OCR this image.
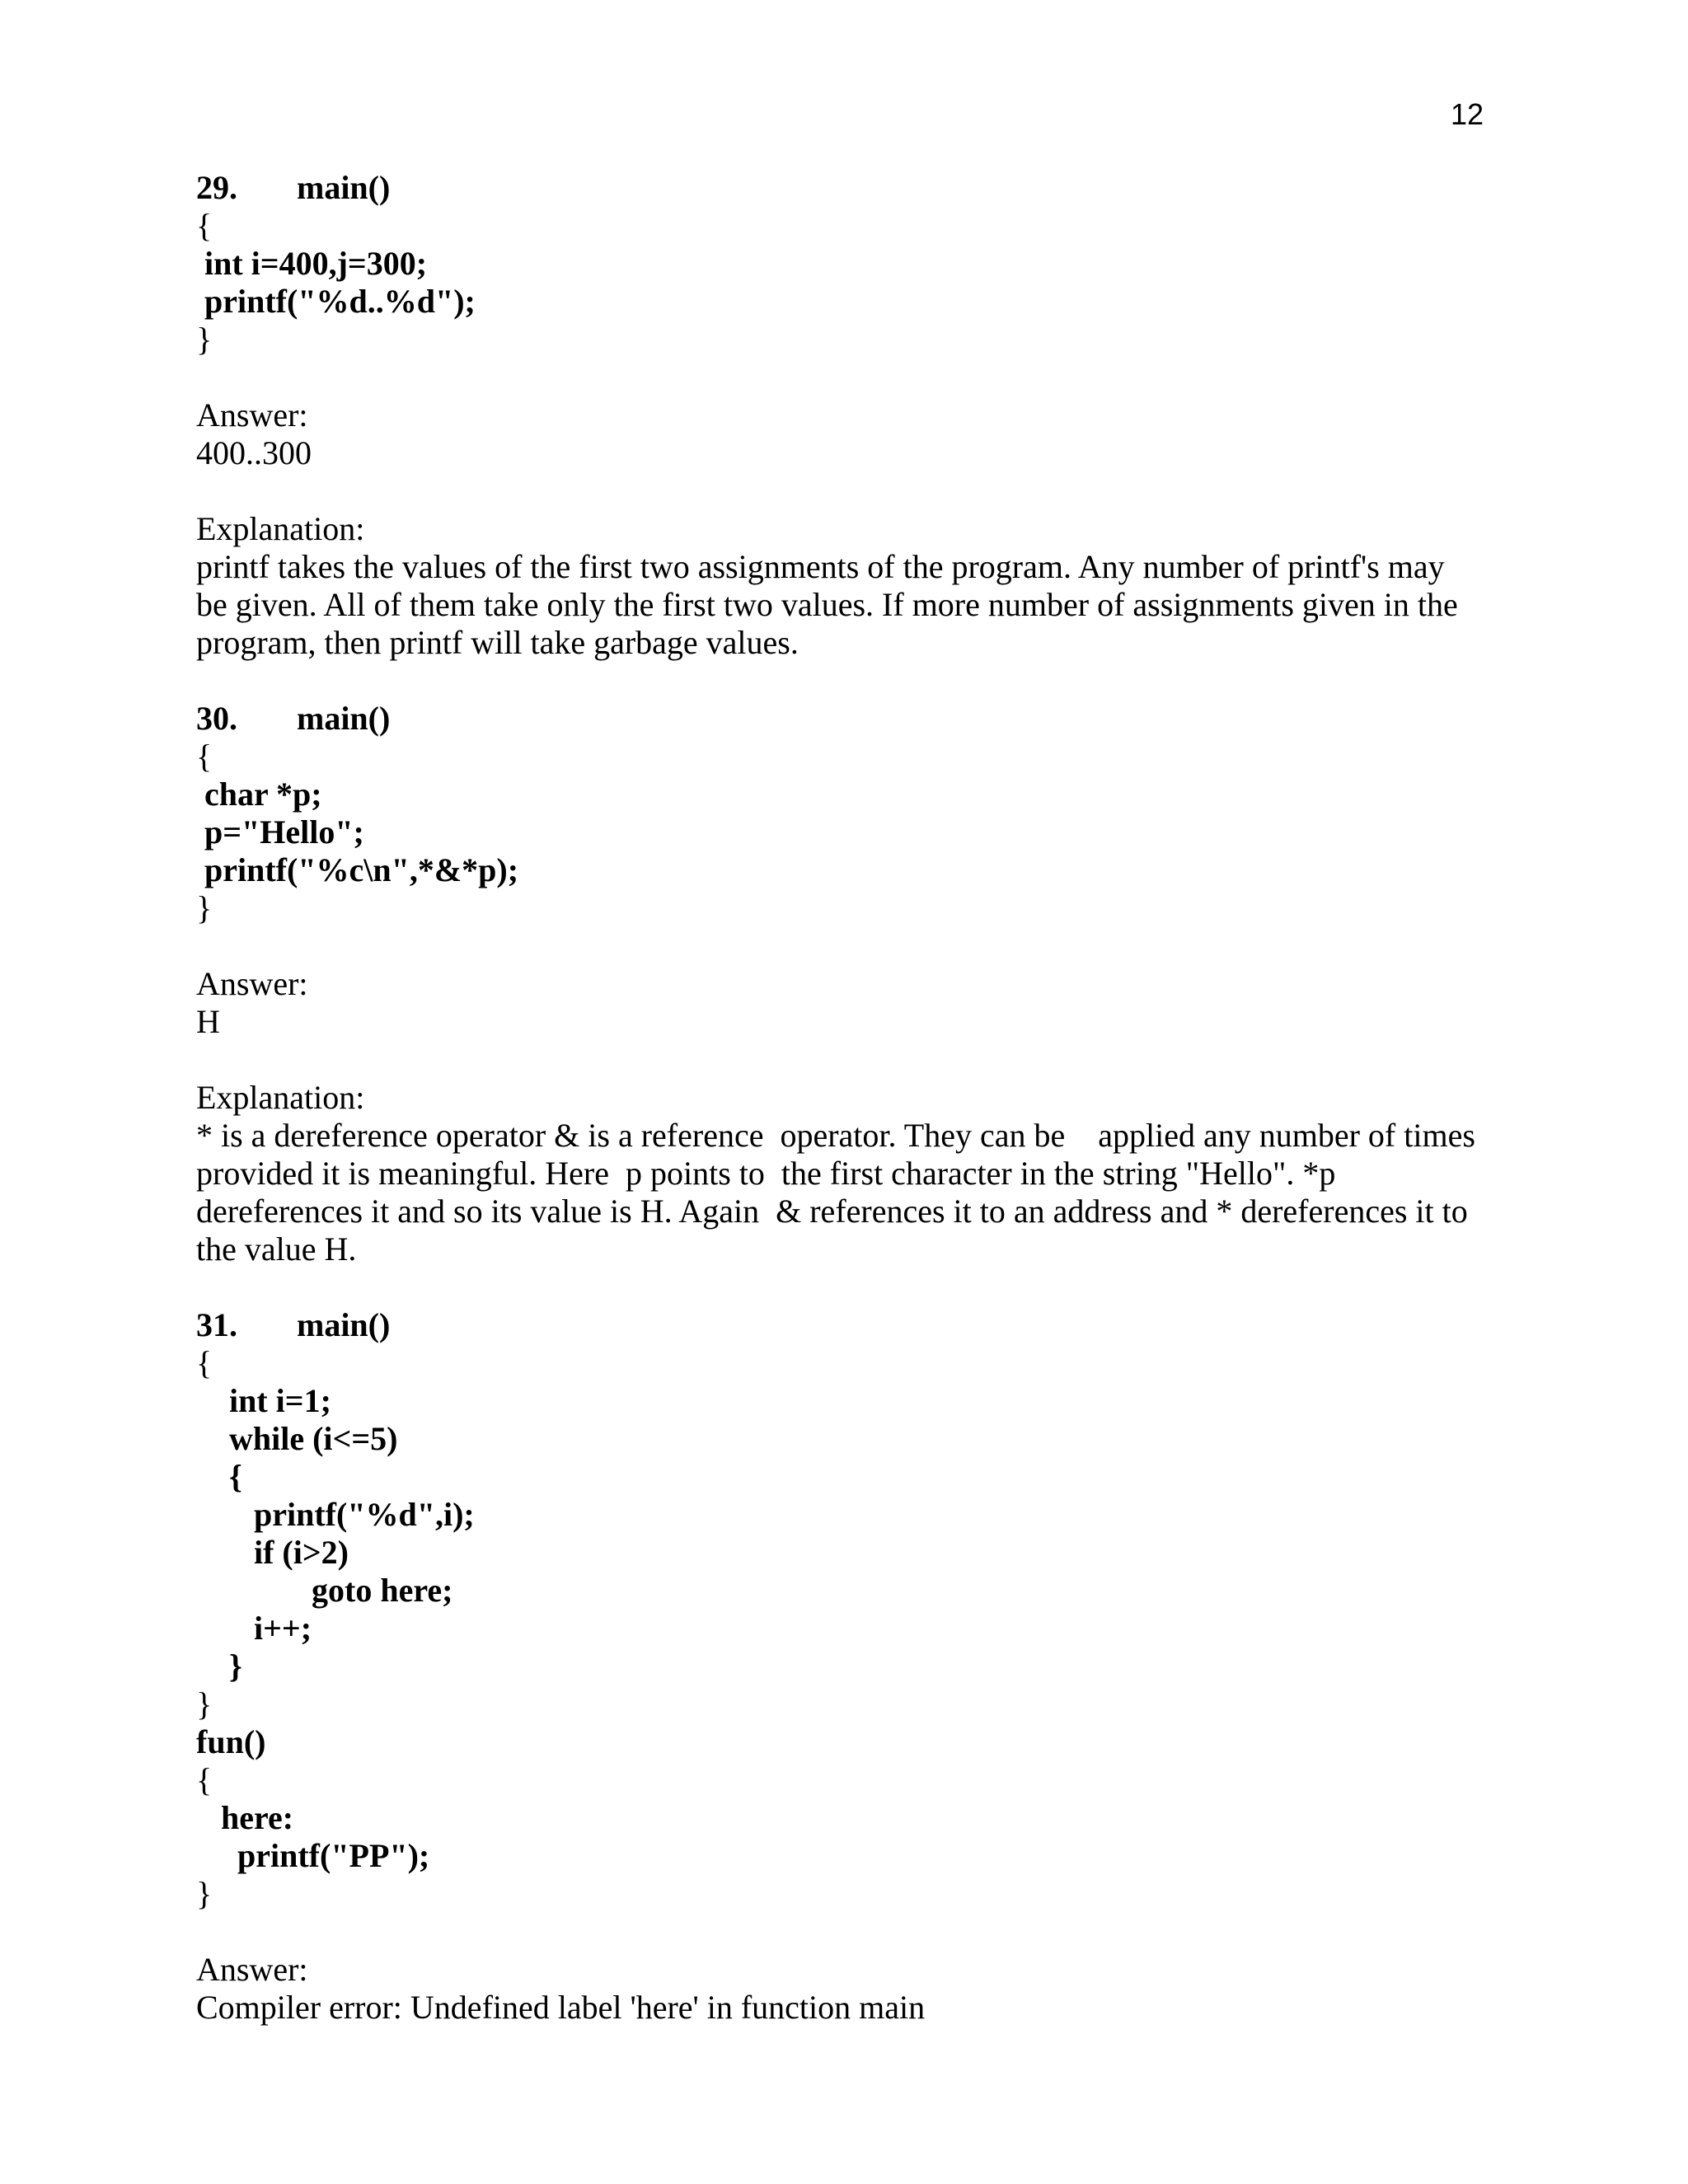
12
29. main()
{
int i=400,j=300;
printf("%d..%d");
}
Answer:
400..300
Explanation:
printf takes the values of the first two assignments of the program. Any number of printf's may
be given. All of them take only the first two values. If more number of assignments given in the
program, then printf will take garbage values.
30. main()
{
char *p;
p="Hello";
printf("%c\n",*&*p);
}
Answer:
H
Explanation:
* is a dereference operator & is a reference  operator. They can be    applied any number of times
provided it is meaningful. Here  p points to  the first character in the string "Hello". *p
dereferences it and so its value is H. Again  & references it to an address and * dereferences it to
the value H.
31. main()
{
int i=1;
while (i<=5)
{
printf("%d",i);
if (i>2)
goto here;
i++;
}
}
fun()
{
here:
printf("PP");
}
Answer:
Compiler error: Undefined label 'here' in function main
